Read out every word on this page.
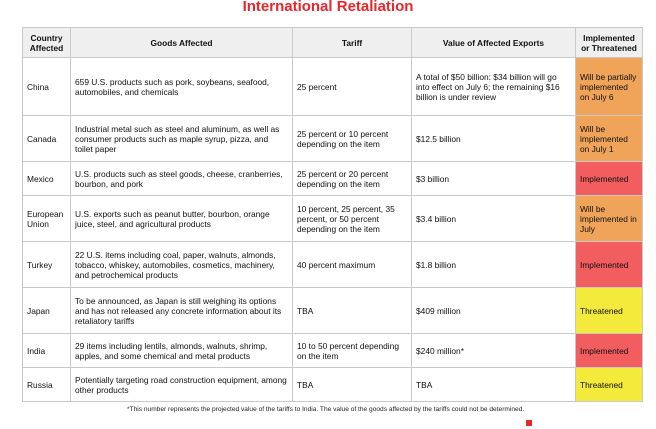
International Retaliation
Country Affected	Goods Affected	Tariff	Value of Affected Exports	Implemented or Threatened
China	659 U.S. products such as pork, soybeans, seafood, automobiles, and chemicals	25 percent	A total of $50 billion: $34 billion will go into effect on July 6; the remaining $16 billion is under review	Will be partially implemented on July 6
Canada	Industrial metal such as steel and aluminum, as well as consumer products such as maple syrup, pizza, and toilet paper	25 percent or 10 percent depending on the item	$12.5 billion	Will be implemented on July 1
Mexico	U.S. products such as steel goods, cheese, cranberries, bourbon, and pork	25 percent or 20 percent depending on the item	$3 billion	Implemented
European Union	U.S. exports such as peanut butter, bourbon, orange juice, steel, and agricultural products	10 percent, 25 percent, 35 percent, or 50 percent depending on the item	$3.4 billion	Will be implemented in July
Turkey	22 U.S. items including coal, paper, walnuts, almonds, tobacco, whiskey, automobiles, cosmetics, machinery, and petrochemical products	40 percent maximum	$1.8 billion	Implemented
Japan	To be announced, as Japan is still weighing its options and has not released any concrete information about its retaliatory tariffs	TBA	$409 million	Threatened
India	29 items including lentils, almonds, walnuts, shrimp, apples, and some chemical and metal products	10 to 50 percent depending on the item	$240 million*	Implemented
Russia	Potentially targeting road construction equipment, among other products	TBA	TBA	Threatened
*This number represents the projected value of the tariffs to India. The value of the goods affected by the tariffs could not be determined.
